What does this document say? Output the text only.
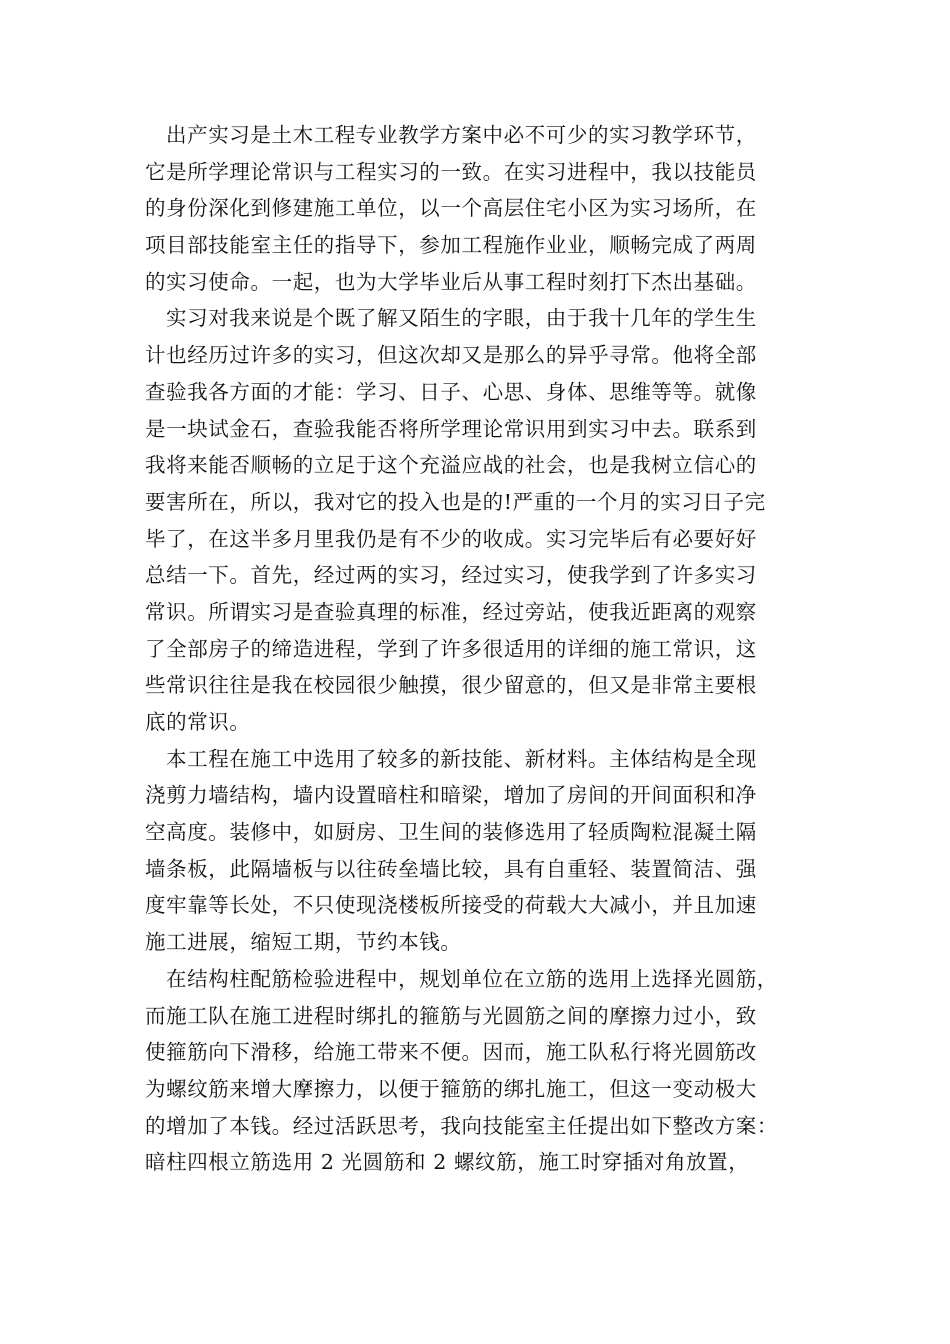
出产实习是土木工程专业教学方案中必不可少的实习教学环节，
它是所学理论常识与工程实习的一致。在实习进程中，我以技能员
的身份深化到修建施工单位，以一个高层住宅小区为实习场所，在
项目部技能室主任的指导下，参加工程施作业业，顺畅完成了两周
的实习使命。一起，也为大学毕业后从事工程时刻打下杰出基础。
实习对我来说是个既了解又陌生的字眼，由于我十几年的学生生
计也经历过许多的实习，但这次却又是那么的异乎寻常。他将全部
查验我各方面的才能：学习、日子、心思、身体、思维等等。就像
是一块试金石，查验我能否将所学理论常识用到实习中去。联系到
我将来能否顺畅的立足于这个充溢应战的社会，也是我树立信心的
要害所在，所以，我对它的投入也是的!严重的一个月的实习日子完
毕了，在这半多月里我仍是有不少的收成。实习完毕后有必要好好
总结一下。首先，经过两的实习，经过实习，使我学到了许多实习
常识。所谓实习是查验真理的标准，经过旁站，使我近距离的观察
了全部房子的缔造进程，学到了许多很适用的详细的施工常识，这
些常识往往是我在校园很少触摸，很少留意的，但又是非常主要根
底的常识。
本工程在施工中选用了较多的新技能、新材料。主体结构是全现
浇剪力墙结构，墙内设置暗柱和暗梁，增加了房间的开间面积和净
空高度。装修中，如厨房、卫生间的装修选用了轻质陶粒混凝土隔
墙条板，此隔墙板与以往砖垒墙比较，具有自重轻、装置简洁、强
度牢靠等长处，不只使现浇楼板所接受的荷载大大减小，并且加速
施工进展，缩短工期，节约本钱。
在结构柱配筋检验进程中，规划单位在立筋的选用上选择光圆筋，
而施工队在施工进程时绑扎的箍筋与光圆筋之间的摩擦力过小，致
使箍筋向下滑移，给施工带来不便。因而，施工队私行将光圆筋改
为螺纹筋来增大摩擦力，以便于箍筋的绑扎施工，但这一变动极大
的增加了本钱。经过活跃思考，我向技能室主任提出如下整改方案：
暗柱四根立筋选用 2 光圆筋和 2 螺纹筋，施工时穿插对角放置，
